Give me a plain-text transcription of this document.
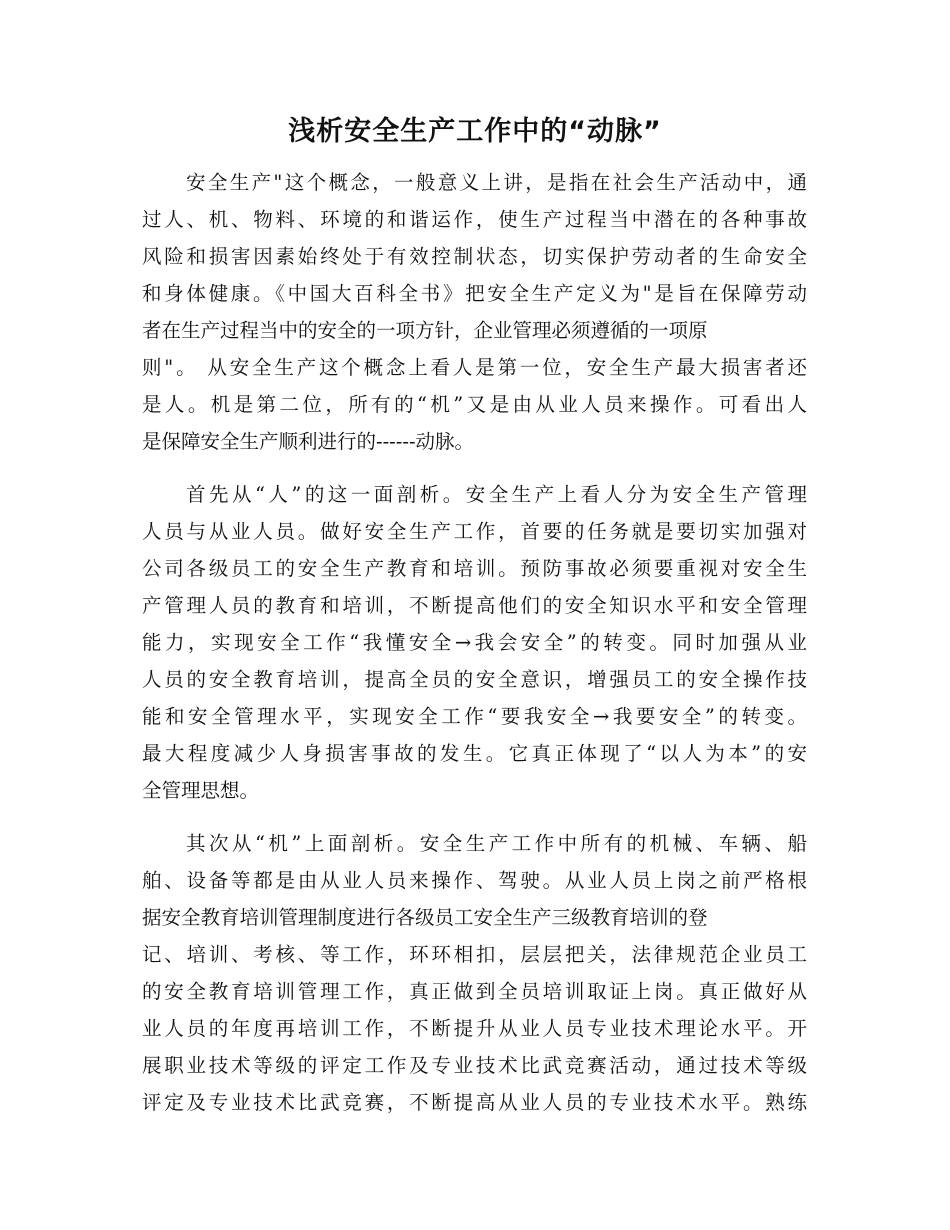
浅析安全生产工作中的“动脉”
安全生产"这个概念，一般意义上讲，是指在社会生产活动中，通
过人、机、物料、环境的和谐运作，使生产过程当中潜在的各种事故
风险和损害因素始终处于有效控制状态，切实保护劳动者的生命安全
和身体健康。《中国大百科全书》把安全生产定义为"是旨在保障劳动
者在生产过程当中的安全的一项方针，企业管理必须遵循的一项原
则"。 从安全生产这个概念上看人是第一位，安全生产最大损害者还
是人。机是第二位，所有的“机”又是由从业人员来操作。可看出人
是保障安全生产顺利进行的------动脉。
首先从“人”的这一面剖析。安全生产上看人分为安全生产管理
人员与从业人员。做好安全生产工作，首要的任务就是要切实加强对
公司各级员工的安全生产教育和培训。预防事故必须要重视对安全生
产管理人员的教育和培训，不断提高他们的安全知识水平和安全管理
能力，实现安全工作“我懂安全→我会安全”的转变。同时加强从业
人员的安全教育培训，提高全员的安全意识，增强员工的安全操作技
能和安全管理水平，实现安全工作“要我安全→我要安全”的转变。
最大程度减少人身损害事故的发生。它真正体现了“以人为本”的安
全管理思想。
其次从“机”上面剖析。安全生产工作中所有的机械、车辆、船
舶、设备等都是由从业人员来操作、驾驶。从业人员上岗之前严格根
据安全教育培训管理制度进行各级员工安全生产三级教育培训的登
记、培训、考核、等工作，环环相扣，层层把关，法律规范企业员工
的安全教育培训管理工作，真正做到全员培训取证上岗。真正做好从
业人员的年度再培训工作，不断提升从业人员专业技术理论水平。开
展职业技术等级的评定工作及专业技术比武竞赛活动，通过技术等级
评定及专业技术比武竞赛，不断提高从业人员的专业技术水平。熟练
